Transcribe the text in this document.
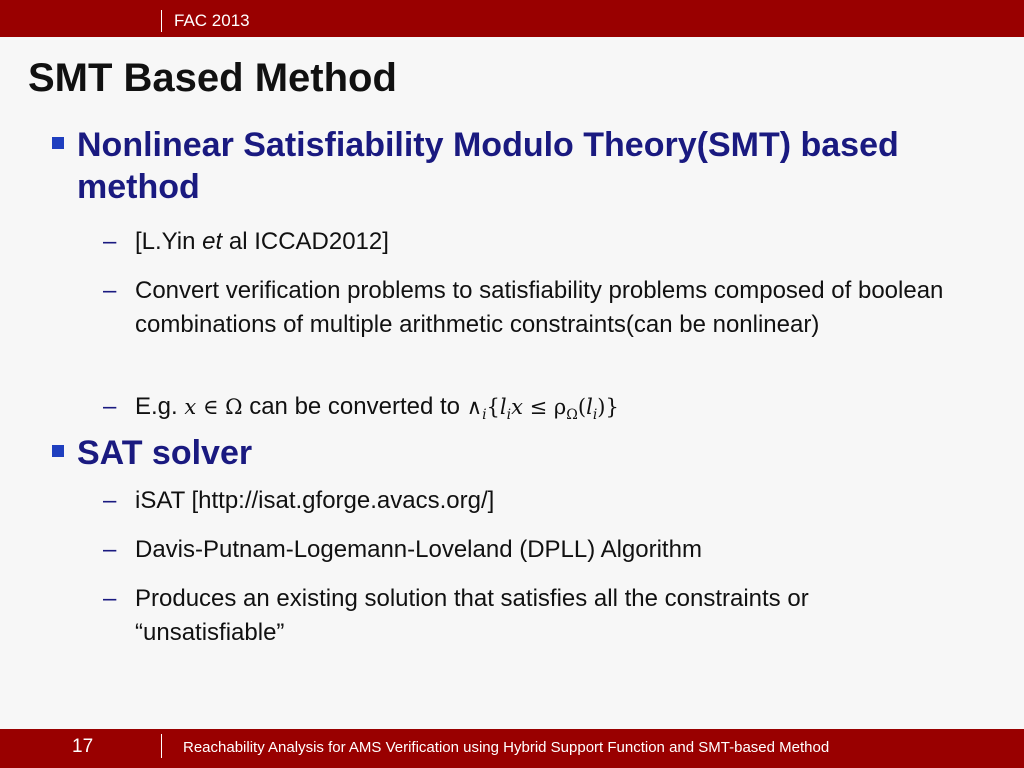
FAC 2013
SMT Based Method
Nonlinear Satisfiability Modulo Theory(SMT) based method
– [L.Yin et al ICCAD2012]
– Convert verification problems to satisfiability problems composed of boolean combinations of multiple arithmetic constraints(can be nonlinear)
– E.g. x ∈ Ω can be converted to $\wedge_i\{l_ix \le \rho_\Omega(l_i)\}$
SAT solver
– iSAT [http://isat.gforge.avacs.org/]
– Davis-Putnam-Logemann-Loveland (DPLL) Algorithm
– Produces an existing solution that satisfies all the constraints or “unsatisfiable”
17	Reachability Analysis for AMS Verification using Hybrid Support Function and SMT-based Method
